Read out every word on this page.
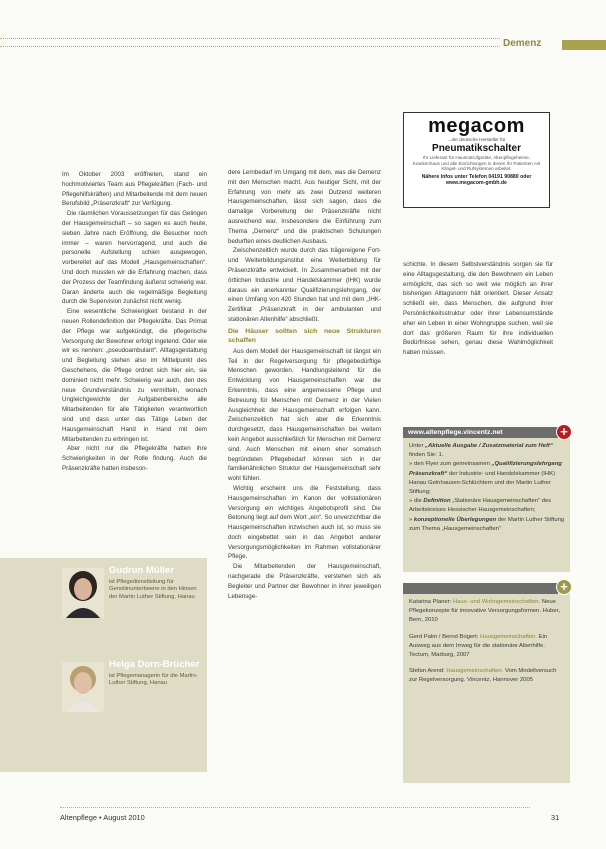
Demenz
megacom
...der deutsche Hersteller für
Pneumatikschalter
Ihr Lieferant für Hausnotrufgeräte, Altenpflegeheime, Krankenhaus und alle Einrichtungen in denen Ihr Patienten mit Klingel- und Rufsystemen arbeitet.
Nähere Infos unter Telefon 04191 90880 oder www.megacom-gmbh.de

Im Oktober 2003 eröffneten, stand ein hochmotiviertes Team aus Pflegekräften (Fach- und Pflegehilfskräften) und Mitarbeitende mit dem neuen Berufsbild „Präsenzkraft“ zur Verfügung.

Die räumlichen Voraussetzungen für das Gelingen der Hausgemeinschaft – so sagen es auch heute, sieben Jahre nach Eröffnung, die Besucher noch immer – waren hervorragend, und auch die personelle Aufstellung schien ausgewogen, vorbereitet auf das Modell „Hausgemeinschaften“. Und doch mussten wir die Erfahrung machen, dass der Prozess der Teamfindung äußerst schwierig war. Daran änderte auch die regelmäßige Begleitung durch die Supervision zunächst nicht wenig.

Eine wesentliche Schwierigkeit bestand in der neuen Rollendefinition der Pflegekräfte. Das Primat der Pflege war aufgekündigt, die pflegerische Versorgung der Bewohner erfolgt ingetend. Oder wie wir es nennen: „pseudoambulant“. Alltagsgestaltung und Begleitung stehen also im Mittelpunkt des Geschehens, die Pflege ordnet sich hier ein, sie dominiert nicht mehr. Schwierig war auch, den des neue Grundverständnis zu vermitteln, wonach Ungleichgewichte der Aufgabenbereiche alle Mitarbeitenden für alle Tätigkeiten verantwortlich sind und dass unter das Tätige Leben der Hausgemeinschaft Hand in Hand mit dem Mitarbeitenden zu erbringen ist.

Aber nicht nur die Pflegekräfte hatten ihre Schwierigkeiten in der Rolle findung. Auch die Präsenzkräfte hatten insbeson-

dere Lernbedarf im Umgang mit dem, was die Demenz mit den Menschen macht. Aus heutiger Sicht, mit der Erfahrung von mehr als zwei Dutzend weiteren Hausgemeinschaften, lässt sich sagen, dass die damalige Vorbereitung der Präsenzkräfte nicht ausreichend war. Insbesondere die Einführung zum Thema „Demenz“ und die praktischen Schulungen bedurften eines deutlichen Ausbaus.

Zwischenzeitlich wurde durch das trägereigene Fort- und Weiterbildungsinstitut eine Weiterbildung für Präsenzkräfte entwickelt. In Zusammenarbeit mit der örtlichen Industrie und Handelskammer (IHK) wurde daraus ein anerkannter Qualifizierungslehrgang, der einen Umfang von 420 Stunden hat und mit dem „IHK-Zertifikat „Präsenzkraft in der ambulanten und stationären Altenhilfe“ abschließt.

Die Häuser sollten sich neue Strukturen schaffen

Aus dem Modell der Hausgemeinschaft ist längst ein Teil in der Regelversorgung für pflegebedürftige Menschen geworden. Handlungsleitend für die Entwicklung von Hausgemeinschaften war die Erkenntnis, dass eine angemessene Pflege und Betreuung für Menschen mit Demenz in der Vielen Ausgleichheit der Hausgemeinschaft erfolgen kann. Zwischenzeitlich hat sich aber die Erkenntnis durchgesetzt, dass Hausgemeinschaften bei weitem kein Angebot ausschließlich für Menschen mit Demenz sind. Auch Menschen mit einem eher somatisch begründeten Pflegebedarf können sich in der familienähnlichen Struktur der Hausgemeinschaft sehr wohl fühlen.

Wichtig erscheint uns die Feststellung, dass Hausgemeinschaften im Kanon der vollstationären Versorgung ein wichtiges Angebotsprofil sind. Die Betonung liegt auf dem Wort „ein“. So unverzichtbar die Hausgemeinschaften inzwischen auch ist, so muss sie doch eingebettet sein in das Angebot anderer Versorgungsmöglichkeiten im Rahmen vollstationärer Pflege.

Die Mitarbeitenden der Hausgemeinschaft, nachgerade die Präsenzkräfte, verstehen sich als Begleiter und Partner der Bewohner in ihrer jeweiligen Lebensge-

schichte. In diesem Selbstverständnis sorgen sie für eine Alltagsgestaltung, die den Bewohnern ein Leben ermöglicht, das sich so weit wie möglich an ihrer bisherigen Alltagsnorm hält orientiert. Dieser Ansatz schließt ein, dass Menschen, die aufgrund ihrer Persönlichkeitsstruktur oder ihrer Lebensumstände eher ein Leben in einer Wohngruppe suchen, weil sie dort das größeren Raum für ihre individuellen Bedürfnisse sehen, genau diese Wahlmöglichkeit haben müssen.

www.altenpflege.vincentz.net	+

Unter „Aktuelle Ausgabe / Zusatzmaterial zum Heft“ finden Sie: 1.

» den Flyer zum gemeinsamen „Qualifizierungslehrgang Präsenzkraft“ der Industrie- und Handelskammer (IHK) Hanau Gelnhausen-Schlüchtern und der Martin Luther Stiftung;

» die Definition „Stationäre Hausgemeinschaften“ des Arbeitskreises Hessischer Hausgemeinschaften;

» konzeptionelle Überlegungen der Martin Luther Stiftung zum Thema „Hausgemeinschaften“

+

Katarina Planer: Haus- und Wohngemeinschaften. Neue Pflegekonzepte für innovative Versorgungsformen. Huber, Bern, 2010

Gerd Palm / Bernd Bogert: Hausgemeinschaften. Ein Ausweg aus dem Irrweg für die stationäre Altenhilfe. Tectum, Marburg, 2007

Stefan Arend: Hausgemeinschaften. Vom Modellversuch zur Regelversorgung. Vincentz, Hannover 2005

Gudrun Müller
ist Pflegedienstleitung für Genoliinunterbeeire in den Hinsen der Martin Luther Stiftung, Hanau
Helga Dorn-Brücher
ist Pflegemanagerin für die Martin-Luther Stiftung, Hanau
Altenpflege • August 2010	31
